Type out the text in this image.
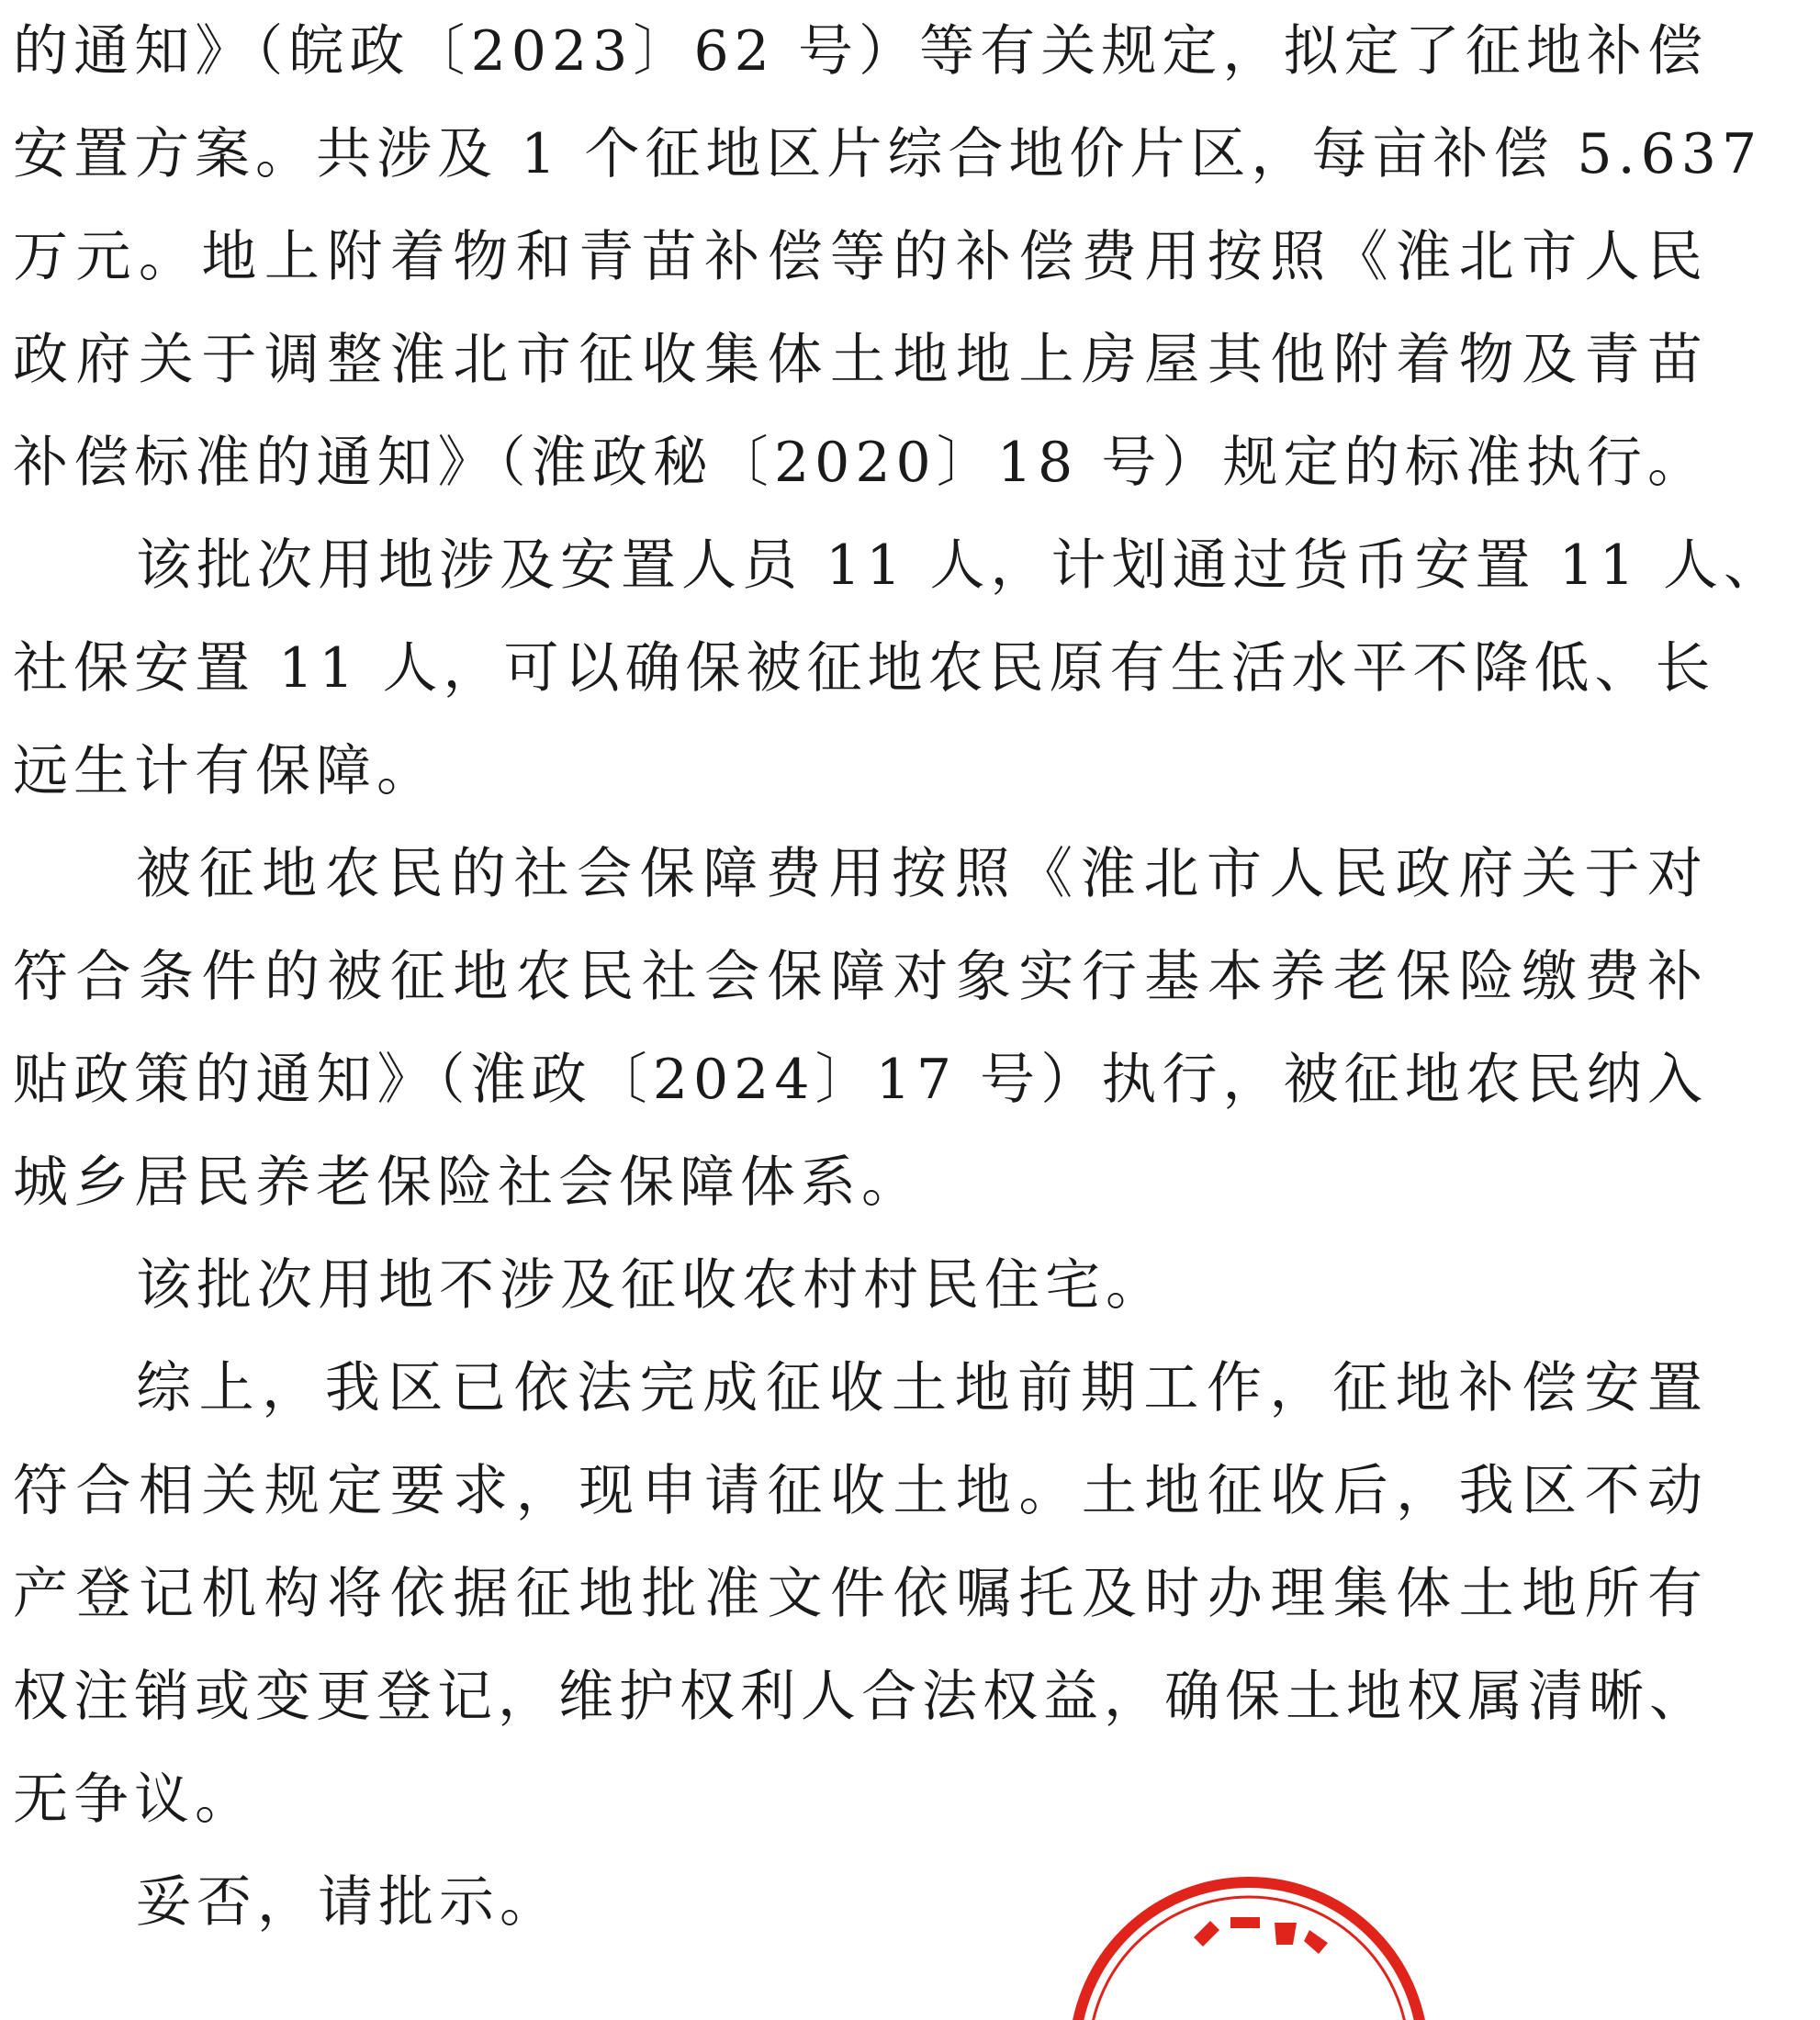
的通知》（皖政〔2023〕62 号）等有关规定，拟定了征地补偿
安置方案。共涉及 1 个征地区片综合地价片区，每亩补偿 5.637
万元。地上附着物和青苗补偿等的补偿费用按照《淮北市人民
政府关于调整淮北市征收集体土地地上房屋其他附着物及青苗
补偿标准的通知》（淮政秘〔2020〕18 号）规定的标准执行。
该批次用地涉及安置人员 11 人，计划通过货币安置 11 人、
社保安置 11 人，可以确保被征地农民原有生活水平不降低、长
远生计有保障。
被征地农民的社会保障费用按照《淮北市人民政府关于对
符合条件的被征地农民社会保障对象实行基本养老保险缴费补
贴政策的通知》（淮政〔2024〕17 号）执行，被征地农民纳入
城乡居民养老保险社会保障体系。
该批次用地不涉及征收农村村民住宅。
综上，我区已依法完成征收土地前期工作，征地补偿安置
符合相关规定要求，现申请征收土地。土地征收后，我区不动
产登记机构将依据征地批准文件依嘱托及时办理集体土地所有
权注销或变更登记，维护权利人合法权益，确保土地权属清晰、
无争议。
妥否，请批示。
